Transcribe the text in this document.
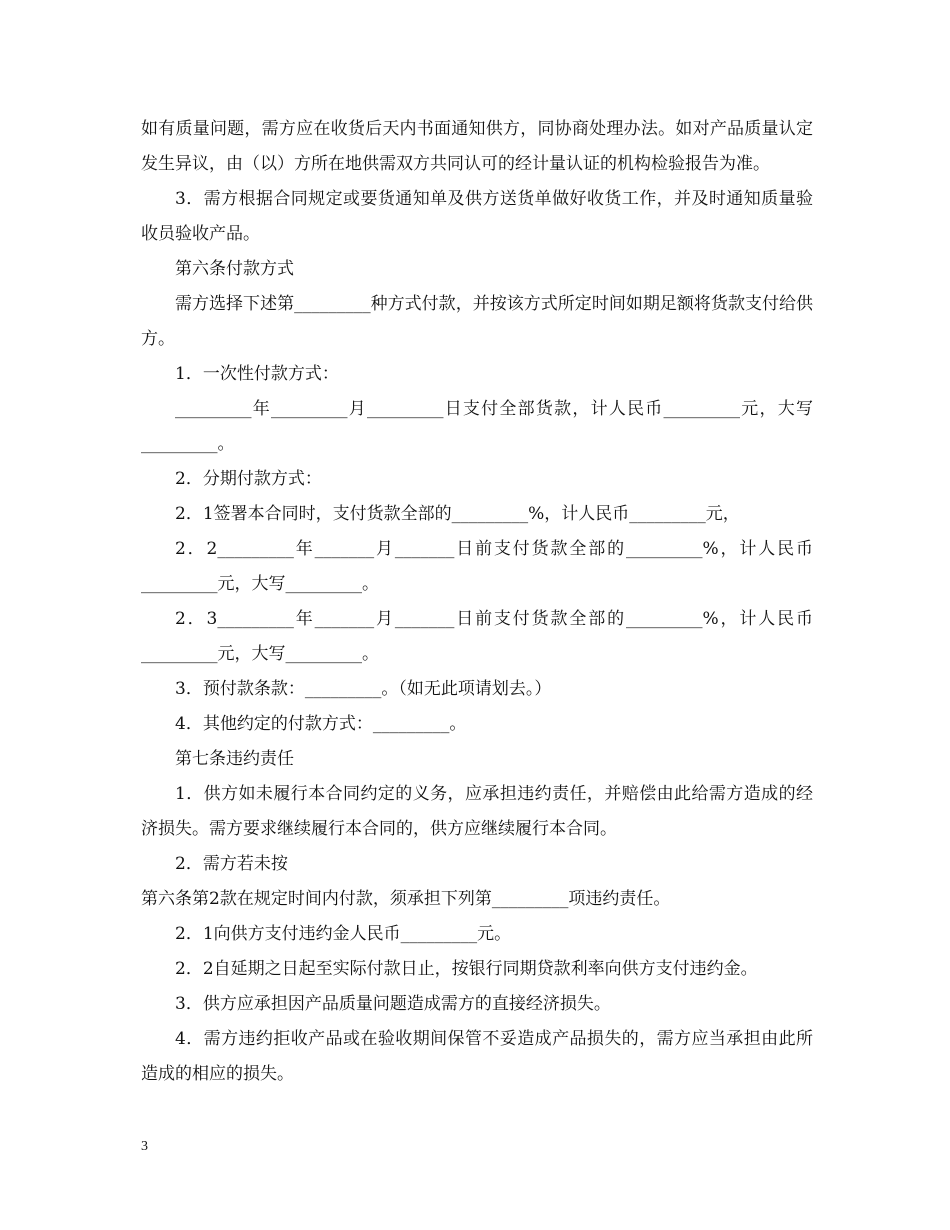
如有质量问题，需方应在收货后天内书面通知供方，同协商处理办法。如对产品质量认定发生异议，由（以）方所在地供需双方共同认可的经计量认证的机构检验报告为准。

3．需方根据合同规定或要货通知单及供方送货单做好收货工作，并及时通知质量验收员验收产品。

第六条付款方式

需方选择下述第_________种方式付款，并按该方式所定时间如期足额将货款支付给供方。

1．一次性付款方式：

_________年_________月_________日支付全部货款，计人民币_________元，大写_________。

2．分期付款方式：

2．1签署本合同时，支付货款全部的_________%，计人民币_________元，

2．2_________年_______月_______日前支付货款全部的_________%，计人民币_________元，大写_________。

2．3_________年_______月_______日前支付货款全部的_________%，计人民币_________元，大写_________。

3．预付款条款：_________。（如无此项请划去。）

4．其他约定的付款方式：_________。

第七条违约责任

1．供方如未履行本合同约定的义务，应承担违约责任，并赔偿由此给需方造成的经济损失。需方要求继续履行本合同的，供方应继续履行本合同。

2．需方若未按

第六条第2款在规定时间内付款，须承担下列第_________项违约责任。

2．1向供方支付违约金人民币_________元。

2．2自延期之日起至实际付款日止，按银行同期贷款利率向供方支付违约金。

3．供方应承担因产品质量问题造成需方的直接经济损失。

4．需方违约拒收产品或在验收期间保管不妥造成产品损失的，需方应当承担由此所造成的相应的损失。

3
